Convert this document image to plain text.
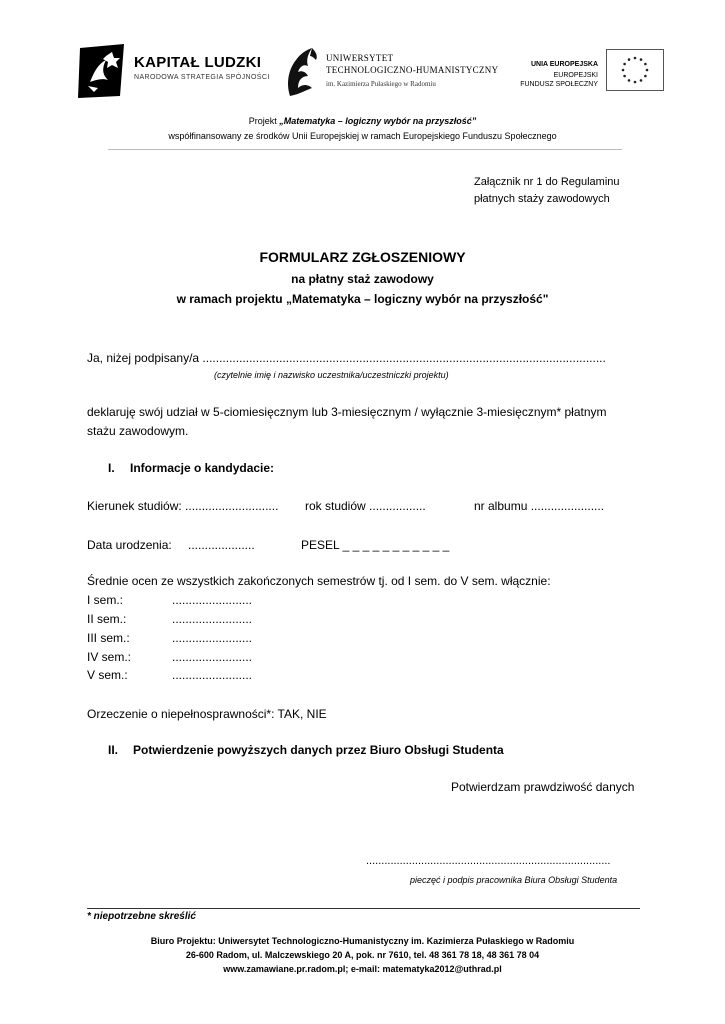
KAPITAŁ LUDZKI
NARODOWA STRATEGIA SPÓJNOŚCI
UNIWERSYTET
TECHNOLOGICZNO-HUMANISTYCZNY
im. Kazimierza Pułaskiego w Radomiu
UNIA EUROPEJSKA
EUROPEJSKI
FUNDUSZ SPOŁECZNY
Projekt „Matematyka – logiczny wybór na przyszłość”
współfinansowany ze środków Unii Europejskiej w ramach Europejskiego Funduszu Społecznego
Załącznik nr 1 do Regulaminu
płatnych staży zawodowych
FORMULARZ ZGŁOSZENIOWY
na płatny staż zawodowy
w ramach projektu „Matematyka – logiczny wybór na przyszłość"
Ja, niżej podpisany/a .........................................................................................................................
(czytelnie imię i nazwisko uczestnika/uczestniczki projektu)
deklaruję swój udział w 5-ciomiesięcznym lub 3-miesięcznym / wyłącznie 3-miesięcznym* płatnym
stażu zawodowym.
I. Informacje o kandydacie:
Kierunek studiów: ............................ rok studiów .................	nr albumu ......................
Data urodzenia: ....................	PESEL _ _ _ _ _ _ _ _ _ _ _
Średnie ocen ze wszystkich zakończonych semestrów tj. od I sem. do V sem. włącznie:
I sem.:	........................
II sem.:	........................
III sem.:	........................
IV sem.:	........................
V sem.:	........................
Orzeczenie o niepełnosprawności*: TAK, NIE
II. Potwierdzenie powyższych danych przez Biuro Obsługi Studenta
Potwierdzam prawdziwość danych
................................................................................
pieczęć i podpis pracownika Biura Obsługi Studenta
* niepotrzebne skreślić
Biuro Projektu: Uniwersytet Technologiczno-Humanistyczny im. Kazimierza Pułaskiego w Radomiu
26-600 Radom, ul. Malczewskiego 20 A, pok. nr 7610, tel. 48 361 78 18, 48 361 78 04
www.zamawiane.pr.radom.pl; e-mail: matematyka2012@uthrad.pl
